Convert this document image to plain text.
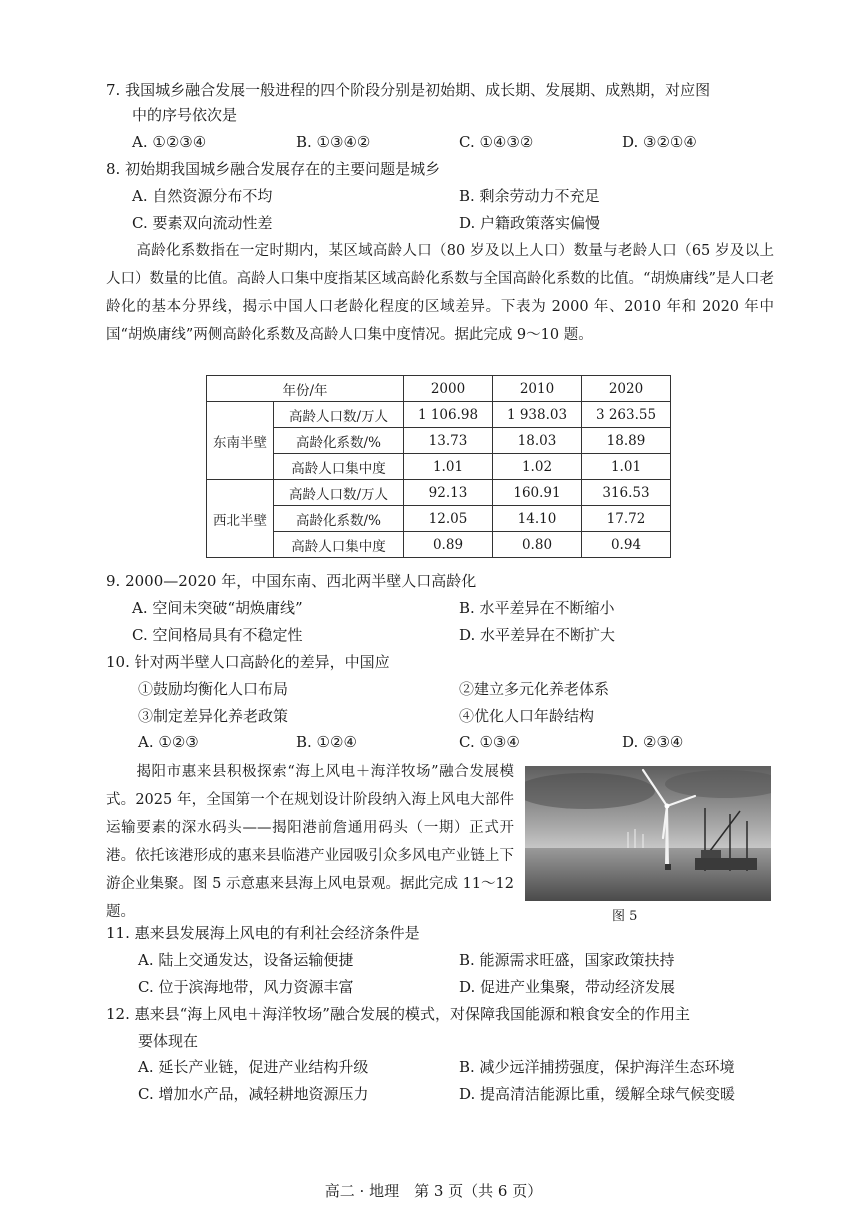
7. 我国城乡融合发展一般进程的四个阶段分别是初始期、成长期、发展期、成熟期，对应图
中的序号依次是
A. ①②③④	B. ①③④②	C. ①④③②	D. ③②①④
8. 初始期我国城乡融合发展存在的主要问题是城乡
A. 自然资源分布不均	B. 剩余劳动力不充足
C. 要素双向流动性差	D. 户籍政策落实偏慢

高龄化系数指在一定时期内，某区域高龄人口（80 岁及以上人口）数量与老龄人口（65 岁及以上人口）数量的比值。高龄人口集中度指某区域高龄化系数与全国高龄化系数的比值。“胡焕庸线”是人口老龄化的基本分界线，揭示中国人口老龄化程度的区域差异。下表为 2000 年、2010 年和 2020 年中国“胡焕庸线”两侧高龄化系数及高龄人口集中度情况。据此完成 9～10 题。

年份/年		2000	2010	2020
东南半壁	高龄人口数/万人	1 106.98	1 938.03	3 263.55
	高龄化系数/%	13.73	18.03	18.89
	高龄人口集中度	1.01	1.02	1.01
西北半壁	高龄人口数/万人	92.13	160.91	316.53
	高龄化系数/%	12.05	14.10	17.72
	高龄人口集中度	0.89	0.80	0.94
9. 2000—2020 年，中国东南、西北两半壁人口高龄化
A. 空间未突破“胡焕庸线”	B. 水平差异在不断缩小
C. 空间格局具有不稳定性	D. 水平差异在不断扩大
10. 针对两半壁人口高龄化的差异，中国应
①鼓励均衡化人口布局	②建立多元化养老体系
③制定差异化养老政策	④优化人口年龄结构
A. ①②③	B. ①②④	C. ①③④	D. ②③④

揭阳市惠来县积极探索“海上风电＋海洋牧场”融合发展模式。2025 年，全国第一个在规划设计阶段纳入海上风电大部件运输要素的深水码头——揭阳港前詹通用码头（一期）正式开港。依托该港形成的惠来县临港产业园吸引众多风电产业链上下游企业集聚。图 5 示意惠来县海上风电景观。据此完成 11～12 题。	图 5
11. 惠来县发展海上风电的有利社会经济条件是
A. 陆上交通发达，设备运输便捷	B. 能源需求旺盛，国家政策扶持
C. 位于滨海地带，风力资源丰富	D. 促进产业集聚，带动经济发展
12. 惠来县“海上风电＋海洋牧场”融合发展的模式，对保障我国能源和粮食安全的作用主
要体现在
A. 延长产业链，促进产业结构升级	B. 减少远洋捕捞强度，保护海洋生态环境
C. 增加水产品，减轻耕地资源压力	D. 提高清洁能源比重，缓解全球气候变暖
高二 · 地理　第 3 页（共 6 页）
